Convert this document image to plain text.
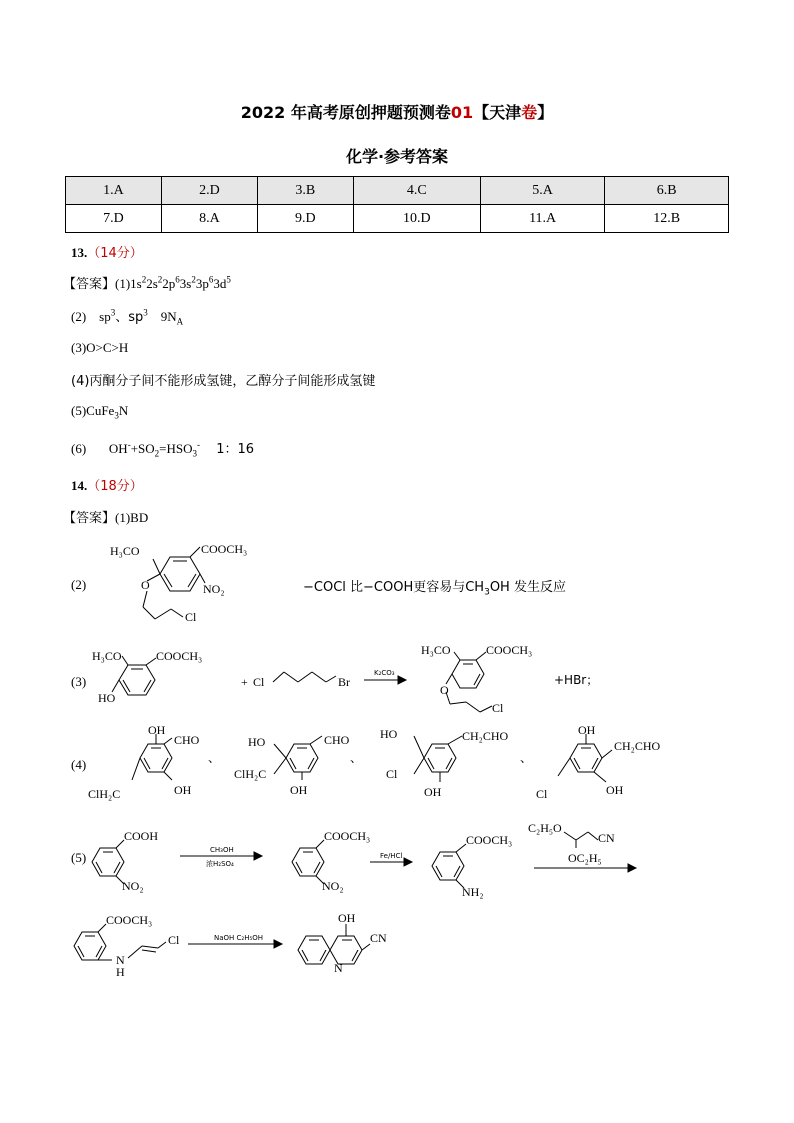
2022 年高考原创押题预测卷01【天津卷】
化学·参考答案
1.A	2.D	3.B	4.C	5.A	6.B
7.D	8.A	9.D	10.D	11.A	12.B
13.（14分）
【答案】$(1)1s^22s^22p^63s^23p^63d^5$
(2) $sp^3$、$sp^3$ $9N_A$
(3)O>C>H
(4)丙酮分子间不能形成氢键，乙醇分子间能形成氢键
(5)CuFe$_3$N
(6) $OH^-+SO_2=HSO_3^-$ 1：16
14.（18分）
【答案】(1)BD
(2)
H₃CO	COOCH₃
NO₂
O
Cl
−COCl 比−COOH更容易与$CH_3OH$ 发生反应
(3)
H₃CO	COOCH₃
HO
+ Cl	Br
K₂CO₃
H₃CO	COOCH₃
O
Cl
+HBr；
(4)
OH
CHO
OH
ClH₂C
、
HO	CHO
ClH₂C
OH
、
HO	CH₂CHO
Cl
OH
、
OH
CH₂CHO
Cl	OH
(5)
COOH
NO₂
CH₃OH
浓H₂SO₄
COOCH₃
NO₂
Fe/HCl
COOCH₃
NH₂
C₂H₅O
CN
OC₂H₅
COOCH₃
N
H
Cl	NaOH C₂H₅OH
OH
CN
N
